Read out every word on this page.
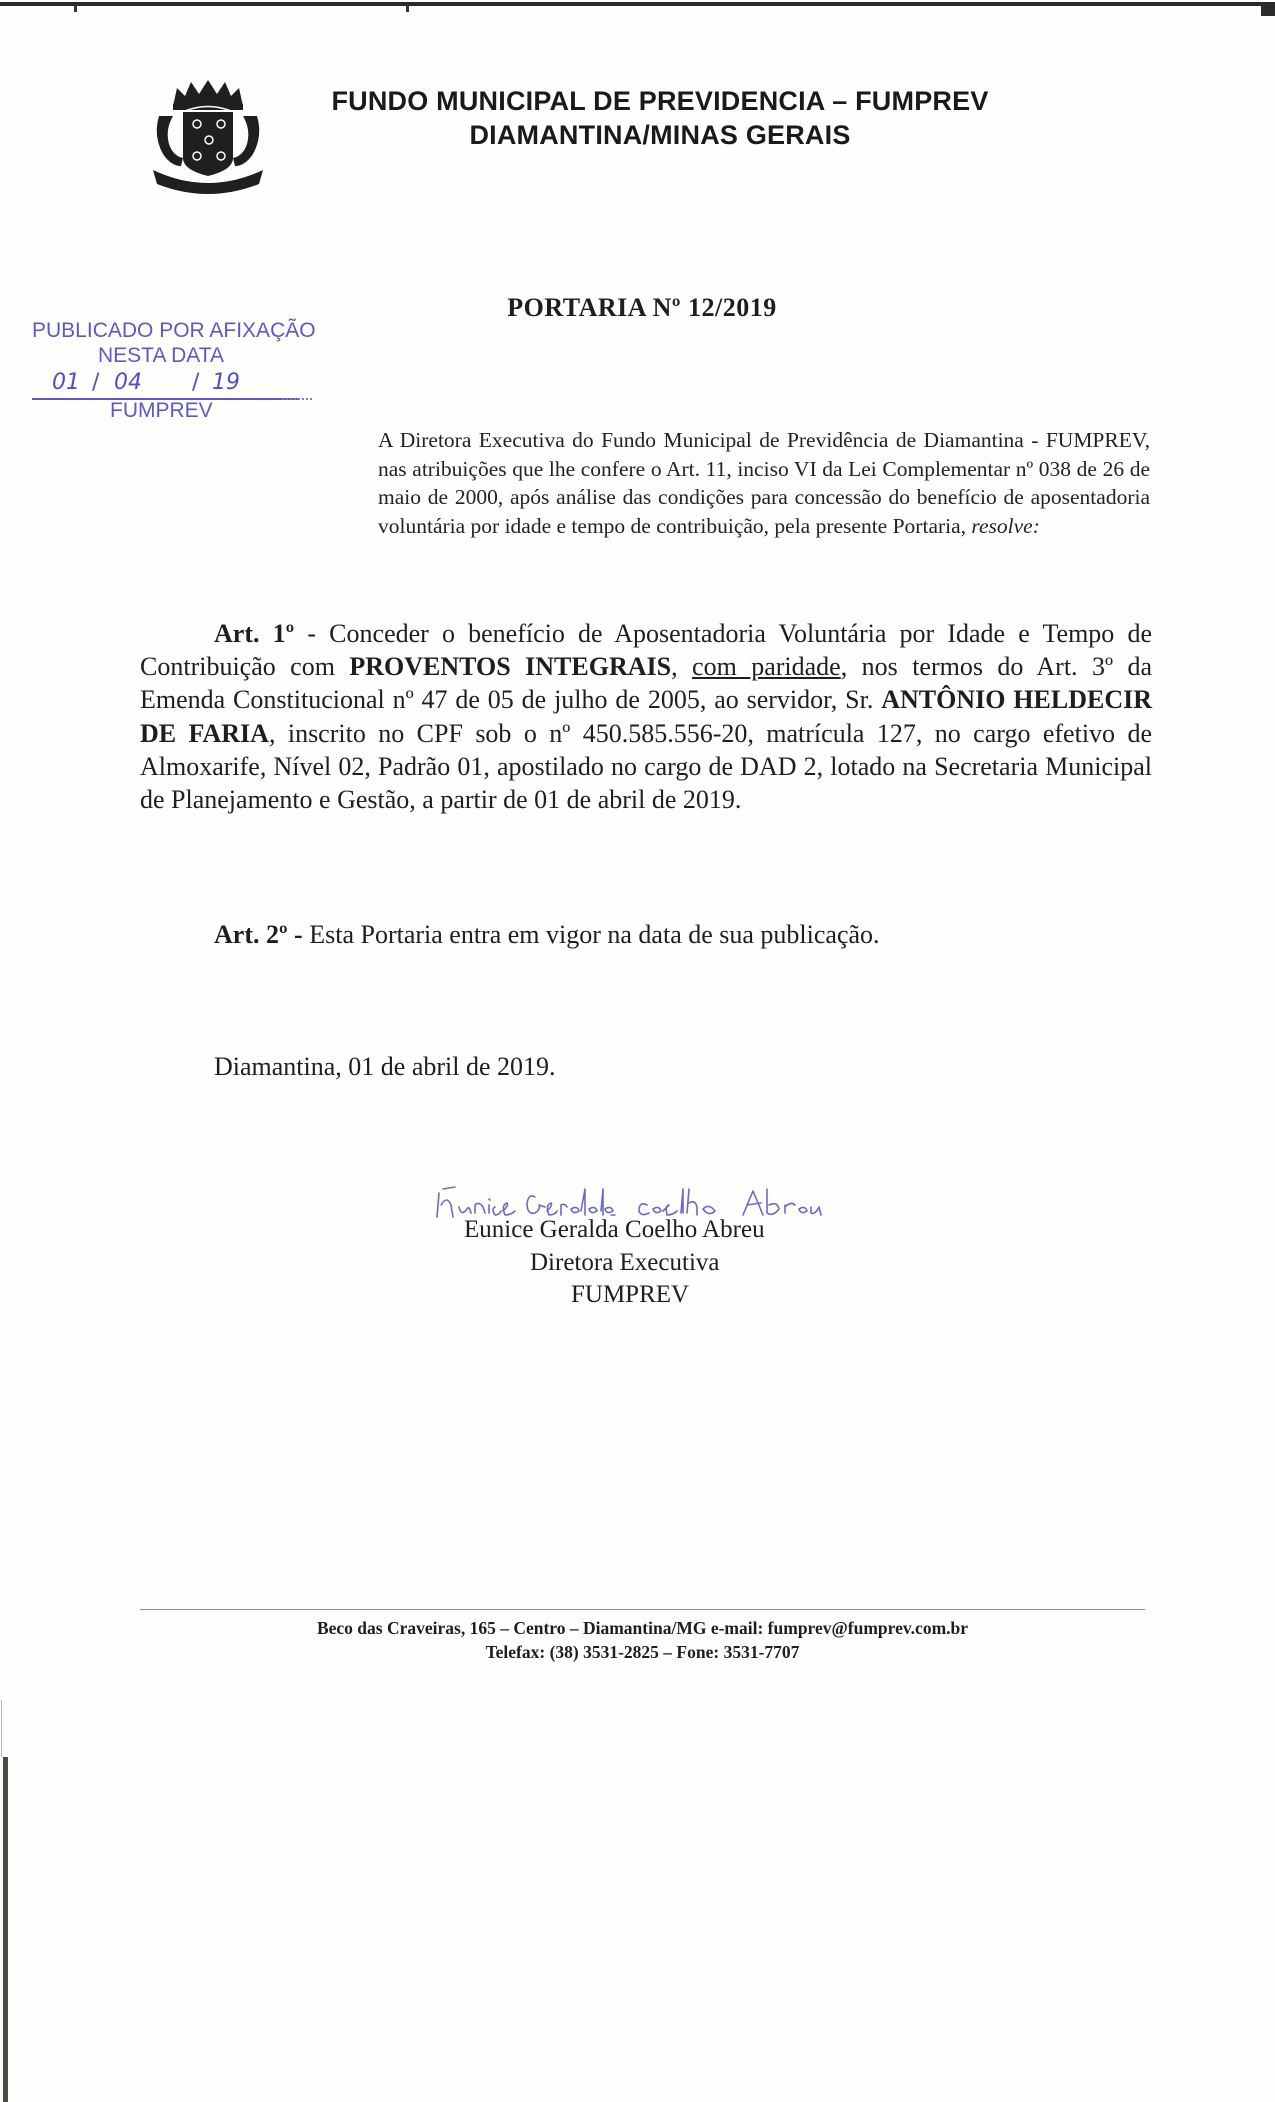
FUNDO MUNICIPAL DE PREVIDENCIA – FUMPREV
DIAMANTINA/MINAS GERAIS
PUBLICADO POR AFIXAÇÃO
NESTA DATA
01 / 04 / 19
FUMPREV
PORTARIA Nº 12/2019

A Diretora Executiva do Fundo Municipal de Previdência de Diamantina - FUMPREV, nas atribuições que lhe confere o Art. 11, inciso VI da Lei Complementar nº 038 de 26 de maio de 2000, após análise das condições para concessão do benefício de aposentadoria voluntária por idade e tempo de contribuição, pela presente Portaria, resolve:

Art. 1º - Conceder o benefício de Aposentadoria Voluntária por Idade e Tempo de Contribuição com PROVENTOS INTEGRAIS, com paridade, nos termos do Art. 3º da Emenda Constitucional nº 47 de 05 de julho de 2005, ao servidor, Sr. ANTÔNIO HELDECIR DE FARIA, inscrito no CPF sob o nº 450.585.556-20, matrícula 127, no cargo efetivo de Almoxarife, Nível 02, Padrão 01, apostilado no cargo de DAD 2, lotado na Secretaria Municipal de Planejamento e Gestão, a partir de 01 de abril de 2019.

Art. 2º - Esta Portaria entra em vigor na data de sua publicação.
Diamantina, 01 de abril de 2019.
Eunice Geralda Coelho Abreu
Diretora Executiva
FUMPREV
Beco das Craveiras, 165 – Centro – Diamantina/MG e-mail: fumprev@fumprev.com.br
Telefax: (38) 3531-2825 – Fone: 3531-7707
